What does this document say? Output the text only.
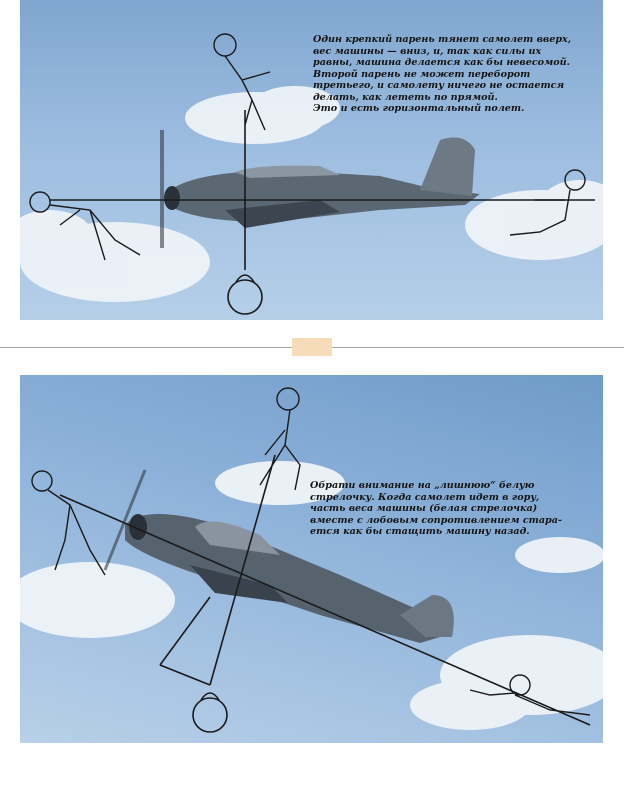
Один крепкий парень тянет самолет вверх,
вес машины — вниз, и, так как силы их
равны, машина делается как бы невесомой.
Второй парень не может переборот
третьего, и самолету ничего не остается
делать, как лететь по прямой.
Это и есть горизонтальный полет.

Обрати внимание на „лишнюю“ белую
стрелочку. Когда самолет идет в гору,
часть веса машины (белая стрелочка)
вместе с лобовым сопротивлением стара-
ется как бы стащить машину назад.
